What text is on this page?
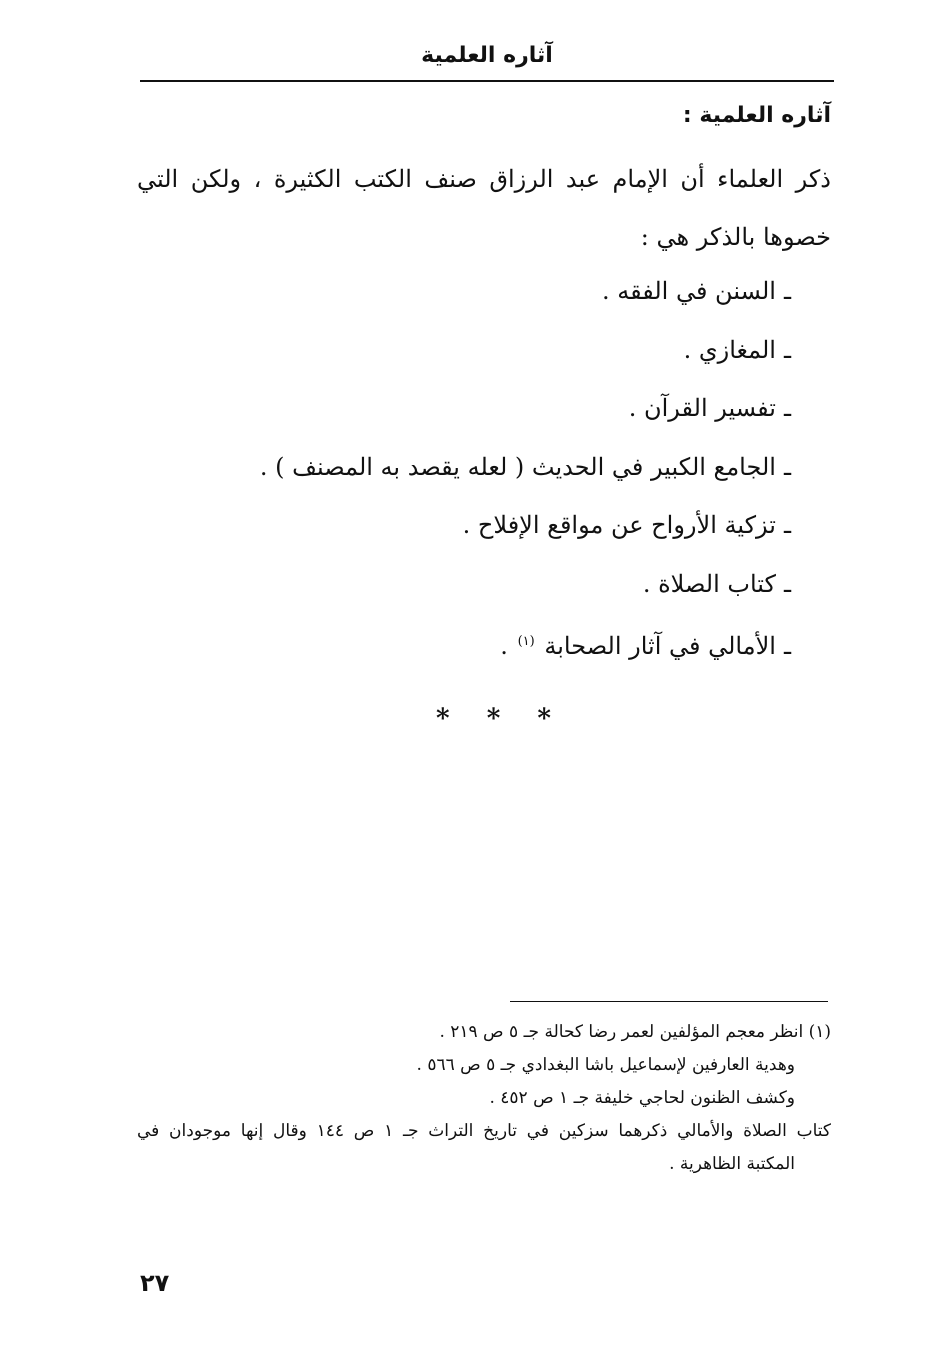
آثاره العلمية
آثاره العلمية :

ذكر العلماء أن الإمام عبد الرزاق صنف الكتب الكثيرة ، ولكن التي خصوها بالذكر هي :

ـالسنن في الفقه .
ـالمغازي .
ـتفسير القرآن .
ـالجامع الكبير في الحديث ( لعله يقصد به المصنف ) .
ـتزكية الأرواح عن مواقع الإفلاح .
ـكتاب الصلاة .
ـالأمالي في آثار الصحابة $^{(١)}$ .
* * *

(١) انظر معجم المؤلفين لعمر رضا كحالة جـ ٥ ص ٢١٩ .

وهدية العارفين لإسماعيل باشا البغدادي جـ ٥ ص ٥٦٦ .

وكشف الظنون لحاجي خليفة جـ ١ ص ٤٥٢ .

كتاب الصلاة والأمالي ذكرهما سزكين في تاريخ التراث جـ ١ ص ١٤٤ وقال إنها موجودان في

المكتبة الظاهرية .

٢٧
